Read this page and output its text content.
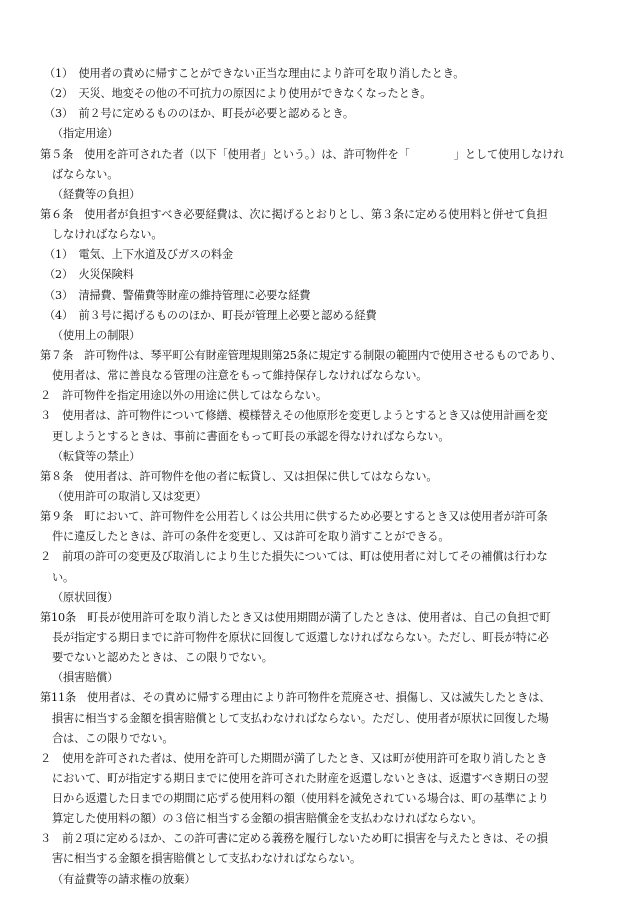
（1）　使用者の責めに帰すことができない正当な理由により許可を取り消したとき。
（2）　天災、地変その他の不可抗力の原因により使用ができなくなったとき。
（3）　前２号に定めるもののほか、町長が必要と認めるとき。
（指定用途）
第５条　使用を許可された者（以下「使用者」という。）は、許可物件を「　　　　」として使用しなけれ
ばならない。
（経費等の負担）
第６条　使用者が負担すべき必要経費は、次に掲げるとおりとし、第３条に定める使用料と併せて負担
しなければならない。
（1）　電気、上下水道及びガスの料金
（2）　火災保険料
（3）　清掃費、警備費等財産の維持管理に必要な経費
（4）　前３号に掲げるもののほか、町長が管理上必要と認める経費
（使用上の制限）
第７条　許可物件は、琴平町公有財産管理規則第25条に規定する制限の範囲内で使用させるものであり、
使用者は、常に善良なる管理の注意をもって維持保存しなければならない。
２　許可物件を指定用途以外の用途に供してはならない。
３　使用者は、許可物件について修繕、模様替えその他原形を変更しようとするとき又は使用計画を変
更しようとするときは、事前に書面をもって町長の承認を得なければならない。
（転貸等の禁止）
第８条　使用者は、許可物件を他の者に転貸し、又は担保に供してはならない。
（使用許可の取消し又は変更）
第９条　町において、許可物件を公用若しくは公共用に供するため必要とするとき又は使用者が許可条
件に違反したときは、許可の条件を変更し、又は許可を取り消すことができる。
２　前項の許可の変更及び取消しにより生じた損失については、町は使用者に対してその補償は行わな
い。
（原状回復）
第10条　町長が使用許可を取り消したとき又は使用期間が満了したときは、使用者は、自己の負担で町
長が指定する期日までに許可物件を原状に回復して返還しなければならない。ただし、町長が特に必
要でないと認めたときは、この限りでない。
（損害賠償）
第11条　使用者は、その責めに帰する理由により許可物件を荒廃させ、損傷し、又は滅失したときは、
損害に相当する金額を損害賠償として支払わなければならない。ただし、使用者が原状に回復した場
合は、この限りでない。
２　使用を許可された者は、使用を許可した期間が満了したとき、又は町が使用許可を取り消したとき
において、町が指定する期日までに使用を許可された財産を返還しないときは、返還すべき期日の翌
日から返還した日までの期間に応ずる使用料の額（使用料を減免されている場合は、町の基準により
算定した使用料の額）の３倍に相当する金額の損害賠償金を支払わなければならない。
３　前２項に定めるほか、この許可書に定める義務を履行しないため町に損害を与えたときは、その損
害に相当する金額を損害賠償として支払わなければならない。
（有益費等の請求権の放棄）
